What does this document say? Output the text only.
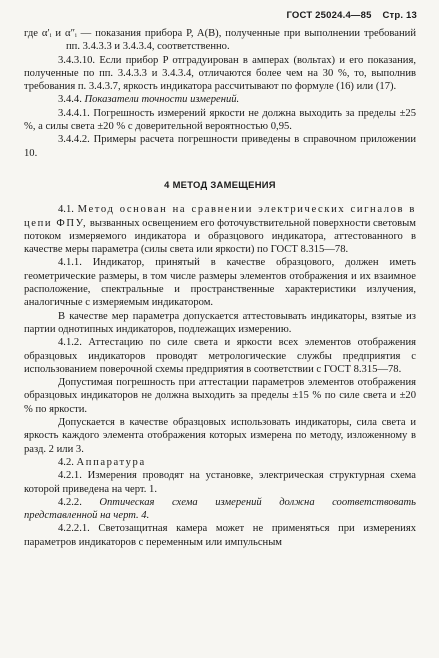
ГОСТ 25024.4—85 Стр. 13

где α′ᵢ и α″ᵢ — показания прибора P, A(B), полученные при выполнении требований пп. 3.4.3.3 и 3.4.3.4, соответственно.

3.4.3.10. Если прибор P отградуирован в амперах (вольтах) и его показания, полученные по пп. 3.4.3.3 и 3.4.3.4, отличаются более чем на 30 %, то, выполнив требования п. 3.4.3.7, яркость индикатора рассчитывают по формуле (16) или (17).

3.4.4. Показатели точности измерений.

3.4.4.1. Погрешность измерений яркости не должна выходить за пределы ±25 %, а силы света ±20 % с доверительной вероятностью 0,95.

3.4.4.2. Примеры расчета погрешности приведены в справочном приложении 10.

4 МЕТОД ЗАМЕЩЕНИЯ

4.1. Метод основан на сравнении электрических сигналов в цепи ФПУ, вызванных освещением его фоточувствительной поверхности световым потоком измеряемого индикатора и образцового индикатора, аттестованного в качестве меры параметра (силы света или яркости) по ГОСТ 8.315—78.

4.1.1. Индикатор, принятый в качестве образцового, должен иметь геометрические размеры, в том числе размеры элементов отображения и их взаимное расположение, спектральные и пространственные характеристики излучения, аналогичные с измеряемым индикатором.

В качестве мер параметра допускается аттестовывать индикаторы, взятые из партии однотипных индикаторов, подлежащих измерению.

4.1.2. Аттестацию по силе света и яркости всех элементов отображения образцовых индикаторов проводят метрологические службы предприятия с использованием поверочной схемы предприятия в соответствии с ГОСТ 8.315—78.

Допустимая погрешность при аттестации параметров элементов отображения образцовых индикаторов не должна выходить за пределы ±15 % по силе света и ±20 % по яркости.

Допускается в качестве образцовых использовать индикаторы, сила света и яркость каждого элемента отображения которых измерена по методу, изложенному в разд. 2 или 3.

4.2. Аппаратура

4.2.1. Измерения проводят на установке, электрическая структурная схема которой приведена на черт. 1.

4.2.2. Оптическая схема измерений должна соответствовать представленной на черт. 4.

4.2.2.1. Светозащитная камера может не применяться при измерениях параметров индикаторов с переменным или импульсным
